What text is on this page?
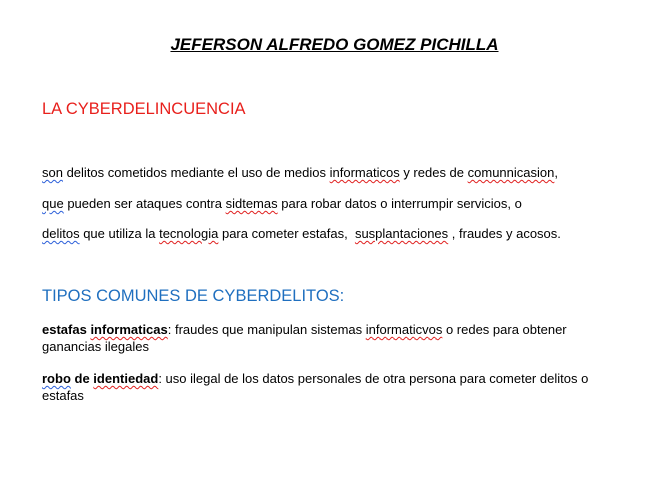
JEFERSON ALFREDO GOMEZ PICHILLA
LA CYBERDELINCUENCIA
son delitos cometidos mediante el uso de medios informaticos y redes de comunnicasion,
que pueden ser ataques contra sidtemas para robar datos o interrumpir servicios, o
delitos que utiliza la tecnologia para cometer estafas,  susplantaciones , fraudes y acosos.
TIPOS COMUNES DE CYBERDELITOS:
estafas informaticas: fraudes que manipulan sistemas informaticvos o redes para obtener ganancias ilegales
robo de identiedad: uso ilegal de los datos personales de otra persona para cometer delitos o estafas
